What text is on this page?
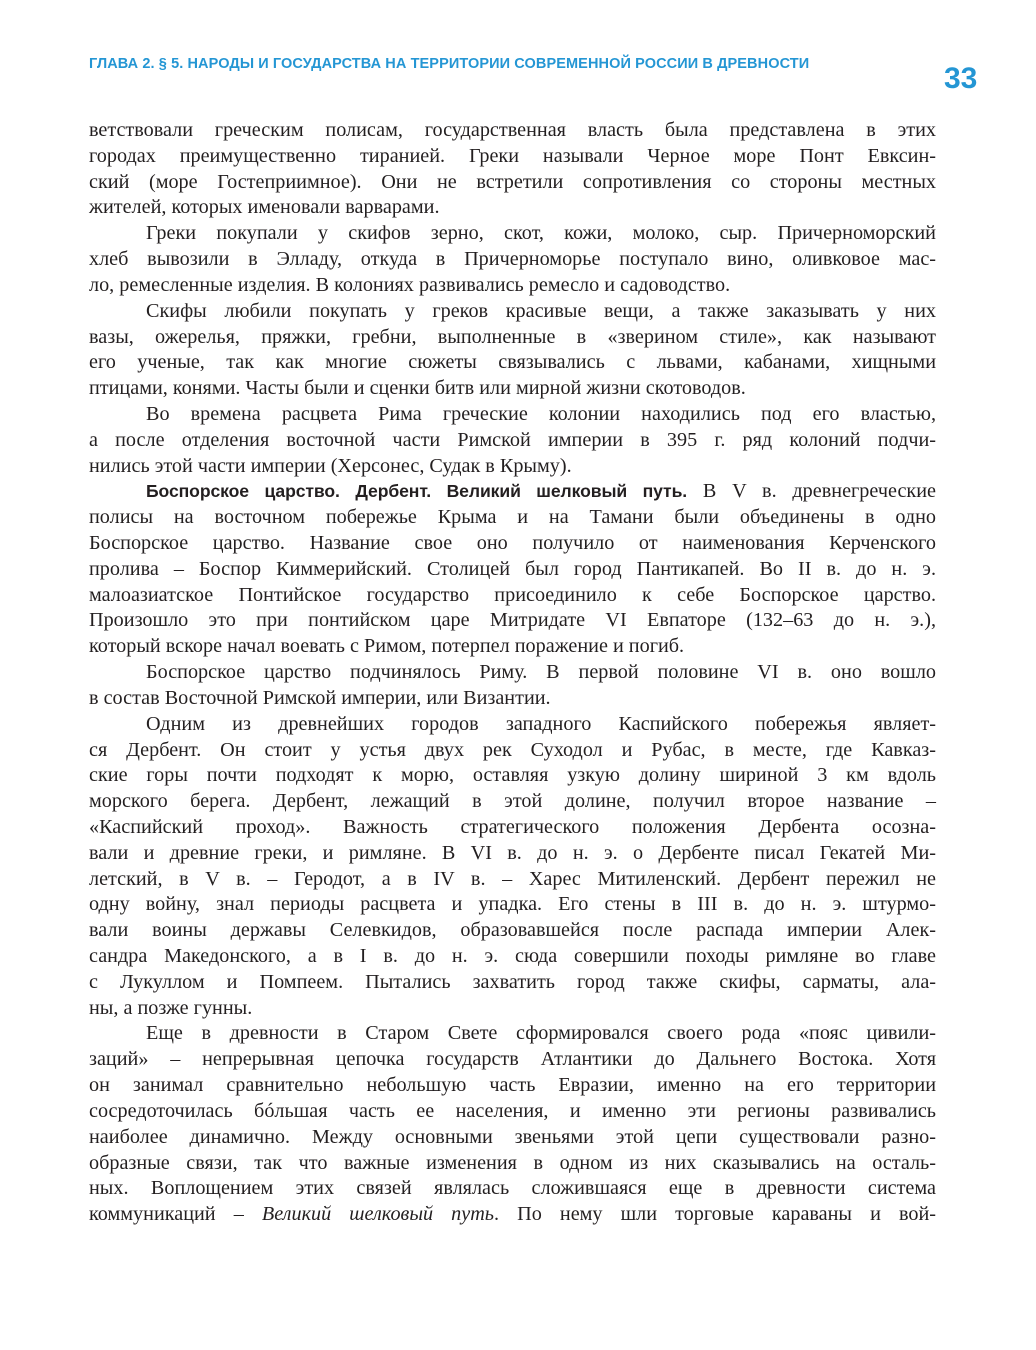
ГЛАВА 2. § 5. НАРОДЫ И ГОСУДАРСТВА НА ТЕРРИТОРИИ СОВРЕМЕННОЙ РОССИИ В ДРЕВНОСТИ	33
ветствовали греческим полисам, государственная власть была представлена в этих
городах преимущественно тиранией. Греки называли Черное море Понт Евксин-
ский (море Гостеприимное). Они не встретили сопротивления со стороны местных
жителей, которых именовали варварами.
Греки покупали у скифов зерно, скот, кожи, молоко, сыр. Причерноморский
хлеб вывозили в Элладу, откуда в Причерноморье поступало вино, оливковое мас-
ло, ремесленные изделия. В колониях развивались ремесло и садоводство.
Скифы любили покупать у греков красивые вещи, а также заказывать у них
вазы, ожерелья, пряжки, гребни, выполненные в «зверином стиле», как называют
его ученые, так как многие сюжеты связывались с львами, кабанами, хищными
птицами, конями. Часты были и сценки битв или мирной жизни скотоводов.
Во времена расцвета Рима греческие колонии находились под его властью,
а после отделения восточной части Римской империи в 395 г. ряд колоний подчи-
нились этой части империи (Херсонес, Судак в Крыму).
Боспорское царство. Дербент. Великий шелковый путь. В V в. древнегреческие
полисы на восточном побережье Крыма и на Тамани были объединены в одно
Боспорское царство. Название свое оно получило от наименования Керченского
пролива – Боспор Киммерийский. Столицей был город Пантикапей. Во II в. до н. э.
малоазиатское Понтийское государство присоединило к себе Боспорское царство.
Произошло это при понтийском царе Митридате VI Евпаторе (132–63 до н. э.),
который вскоре начал воевать с Римом, потерпел поражение и погиб.
Боспорское царство подчинялось Риму. В первой половине VI в. оно вошло
в состав Восточной Римской империи, или Византии.
Одним из древнейших городов западного Каспийского побережья являет-
ся Дербент. Он стоит у устья двух рек Суходол и Рубас, в месте, где Кавказ-
ские горы почти подходят к морю, оставляя узкую долину шириной 3 км вдоль
морского берега. Дербент, лежащий в этой долине, получил второе название –
«Каспийский проход». Важность стратегического положения Дербента осозна-
вали и древние греки, и римляне. В VI в. до н. э. о Дербенте писал Гекатей Ми-
летский, в V в. – Геродот, а в IV в. – Харес Митиленский. Дербент пережил не
одну войну, знал периоды расцвета и упадка. Его стены в III в. до н. э. штурмо-
вали воины державы Селевкидов, образовавшейся после распада империи Алек-
сандра Македонского, а в I в. до н. э. сюда совершили походы римляне во главе
с Лукуллом и Помпеем. Пытались захватить город также скифы, сарматы, ала-
ны, а позже гунны.
Еще в древности в Старом Свете сформировался своего рода «пояс цивили-
заций» – непрерывная цепочка государств Атлантики до Дальнего Востока. Хотя
он занимал сравнительно небольшую часть Евразии, именно на его территории
сосредоточилась бóльшая часть ее населения, и именно эти регионы развивались
наиболее динамично. Между основными звеньями этой цепи существовали разно-
образные связи, так что важные изменения в одном из них сказывались на осталь-
ных. Воплощением этих связей являлась сложившаяся еще в древности система
коммуникаций – Великий шелковый путь. По нему шли торговые караваны и вой-
